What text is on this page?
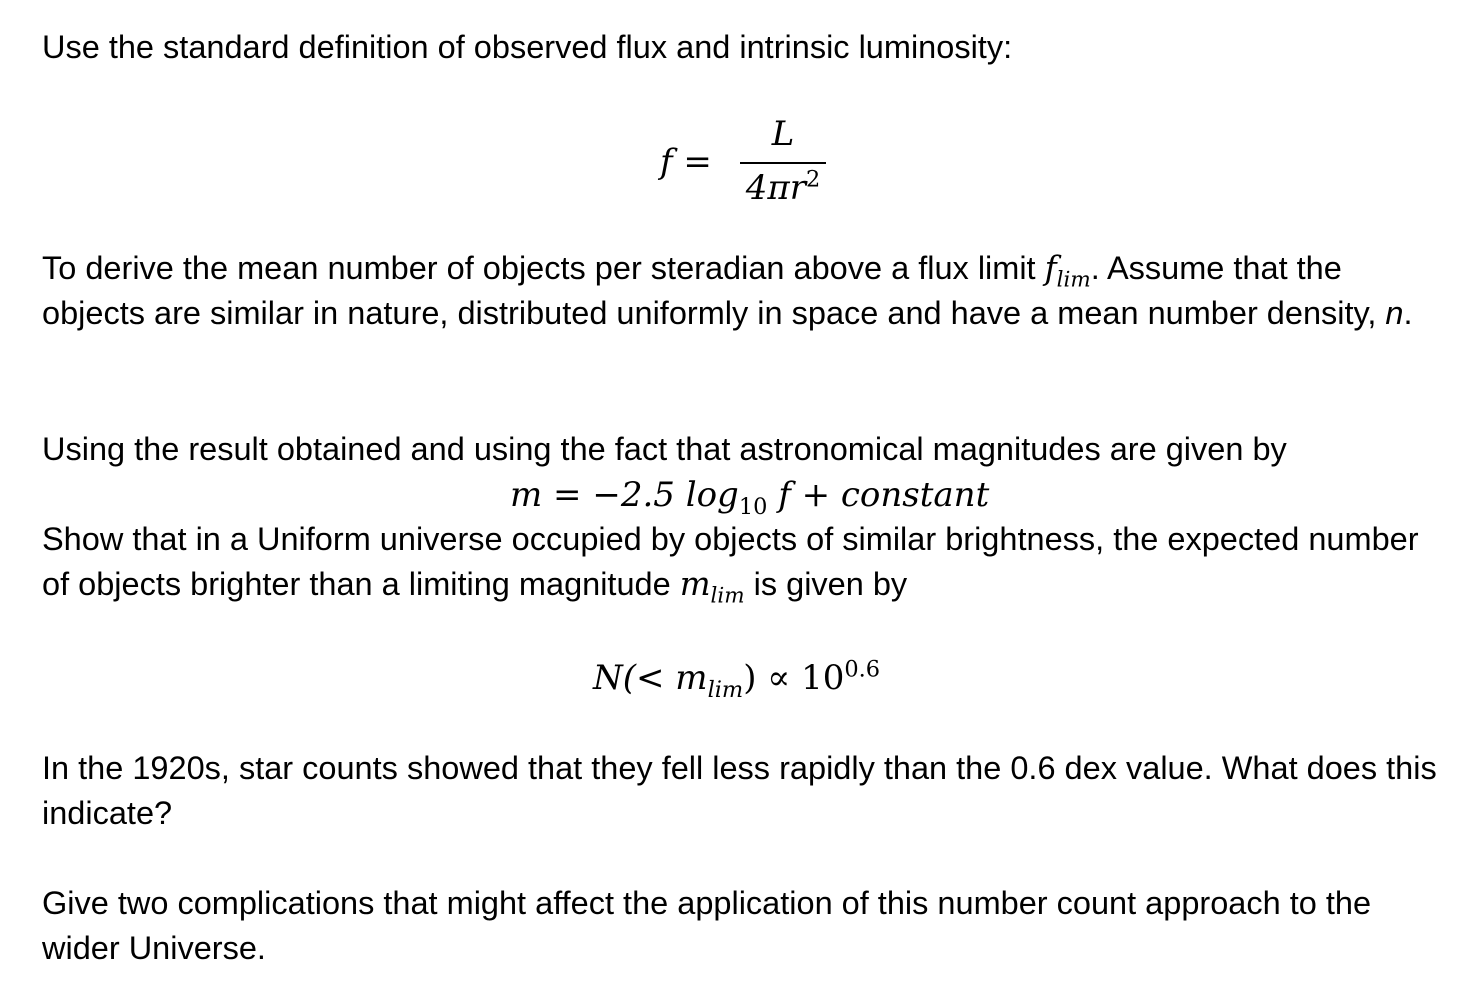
Use the standard definition of observed flux and intrinsic luminosity:

f =
L
$4\pi r^2$

To derive the mean number of objects per steradian above a flux limit $f_{lim}$. Assume that the objects are similar in nature, distributed uniformly in space and have a mean number density, n.

Using the result obtained and using the fact that astronomical magnitudes are given by

m = −2.5 $\log_{10} f$ + constant

Show that in a Uniform universe occupied by objects of similar brightness, the expected number of objects brighter than a limiting magnitude $m_{lim}$ is given by

$N(< m_{lim}) \propto 10^{0.6}$

In the 1920s, star counts showed that they fell less rapidly than the 0.6 dex value. What does this indicate?

Give two complications that might affect the application of this number count approach to the wider Universe.
